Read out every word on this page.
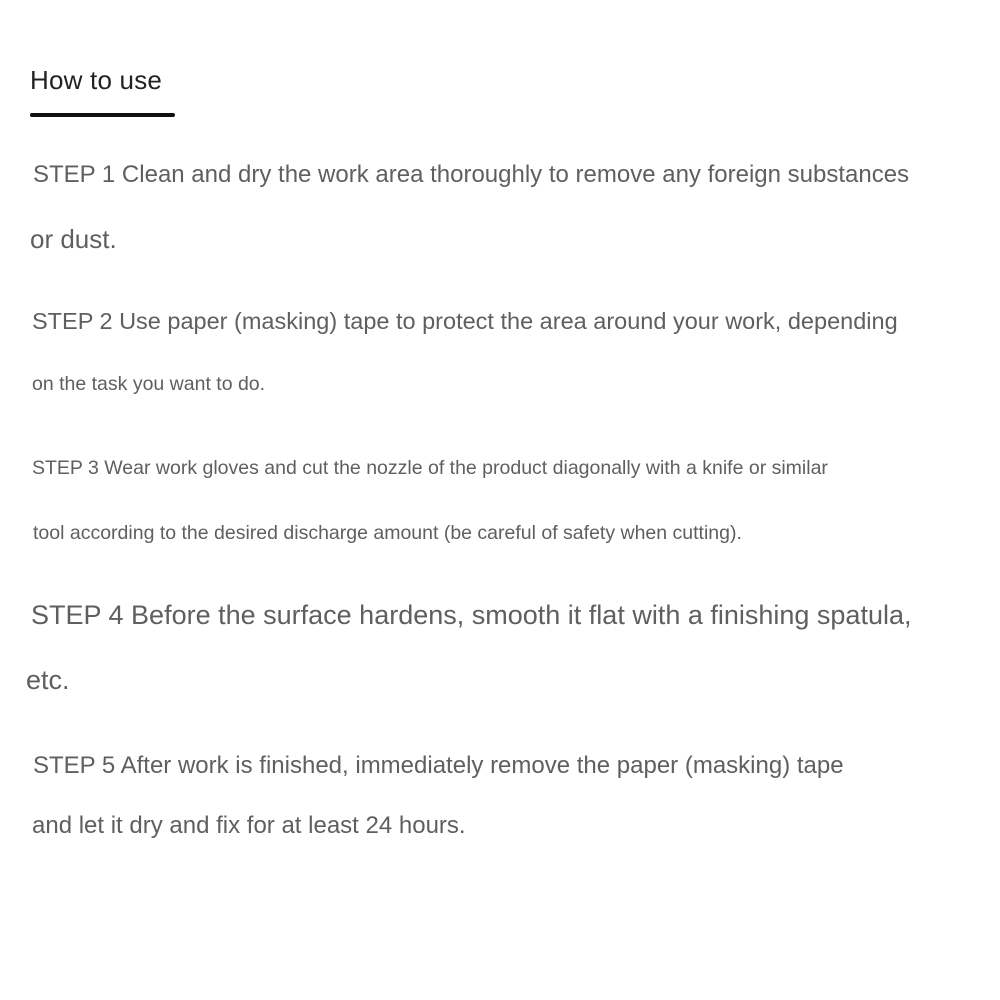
How to use
STEP 1 Clean and dry the work area thoroughly to remove any foreign substances
or dust.
STEP 2 Use paper (masking) tape to protect the area around your work, depending
on the task you want to do.
STEP 3 Wear work gloves and cut the nozzle of the product diagonally with a knife or similar
tool according to the desired discharge amount (be careful of safety when cutting).
STEP 4 Before the surface hardens, smooth it flat with a finishing spatula,
etc.
STEP 5 After work is finished, immediately remove the paper (masking) tape
and let it dry and fix for at least 24 hours.
